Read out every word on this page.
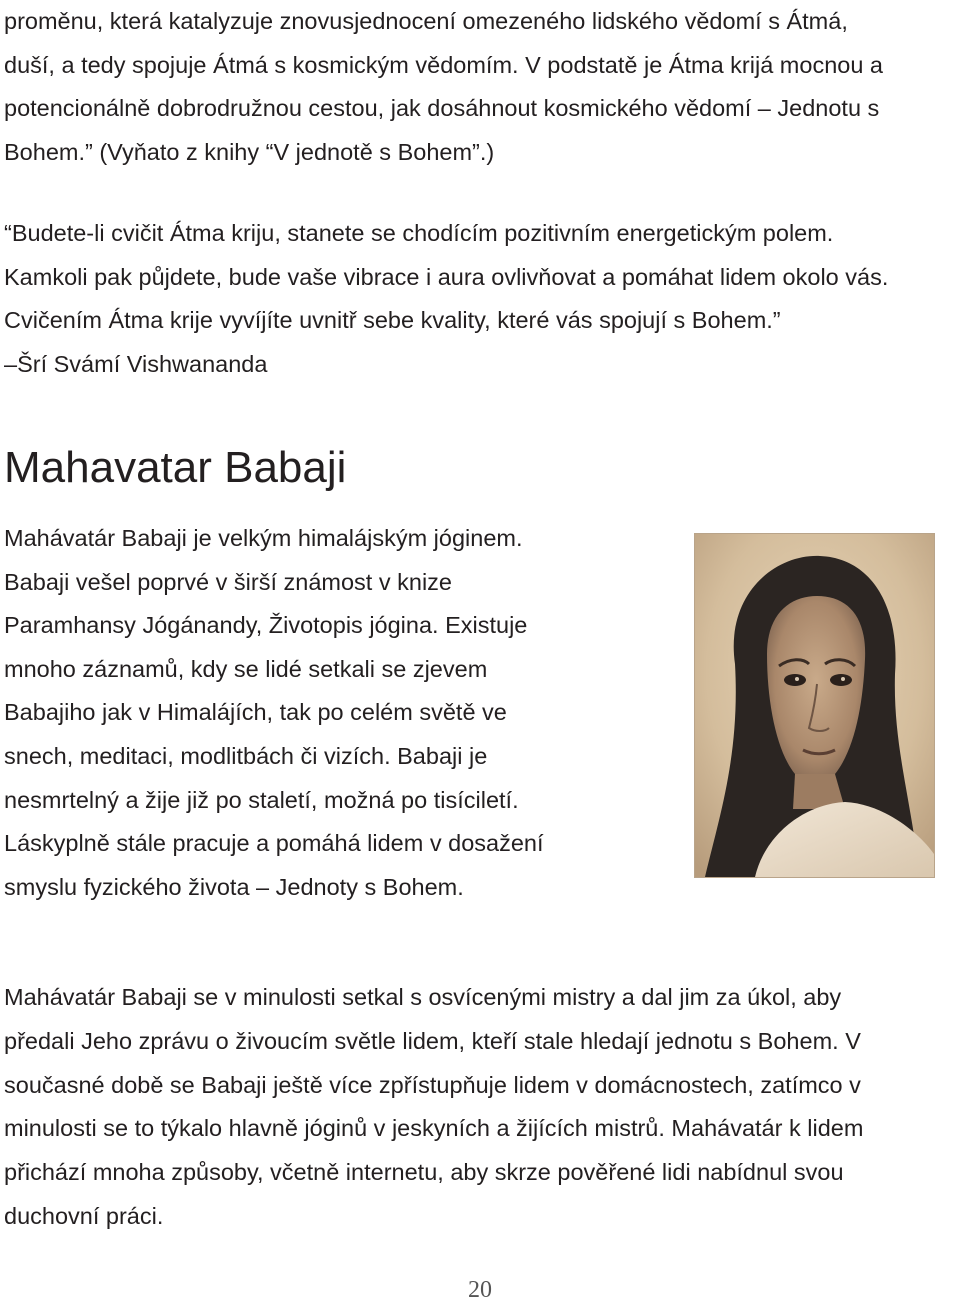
proměnu, která katalyzuje znovusjednocení omezeného lidského vědomí s Átmá,
duší, a tedy spojuje Átmá s kosmickým vědomím. V podstatě je Átma krijá mocnou a
potencionálně dobrodružnou cestou, jak dosáhnout kosmického vědomí – Jednotu s
Bohem.” (Vyňato z knihy “V jednotě s Bohem”.)

“Budete-li cvičit Átma kriju, stanete se chodícím pozitivním energetickým polem.
Kamkoli pak půjdete, bude vaše vibrace i aura ovlivňovat a pomáhat lidem okolo vás.
Cvičením Átma krije vyvíjíte uvnitř sebe kvality, které vás spojují s Bohem.”
–Šrí Svámí Vishwananda

Mahavatar Babaji

Mahávatár Babaji je velkým himalájským jóginem.
Babaji vešel poprvé v širší známost v knize
Paramhansy Jógánandy, Životopis jógina. Existuje
mnoho záznamů, kdy se lidé setkali se zjevem
Babajiho jak v Himalájích, tak po celém světě ve
snech, meditaci, modlitbách či vizích. Babaji je
nesmrtelný a žije již po staletí, možná po tisíciletí.
Láskyplně stále pracuje a pomáhá lidem v dosažení
smyslu fyzického života – Jednoty s Bohem.

Mahávatár Babaji se v minulosti setkal s osvícenými mistry a dal jim za úkol, aby
předali Jeho zprávu o živoucím světle lidem, kteří stale hledají jednotu s Bohem. V
současné době se Babaji ještě více zpřístupňuje lidem v domácnostech, zatímco v
minulosti se to týkalo hlavně jóginů v jeskyních a žijících mistrů. Mahávatár k lidem
přichází mnoha způsoby, včetně internetu, aby skrze pověřené lidi nabídnul svou
duchovní práci.

20
